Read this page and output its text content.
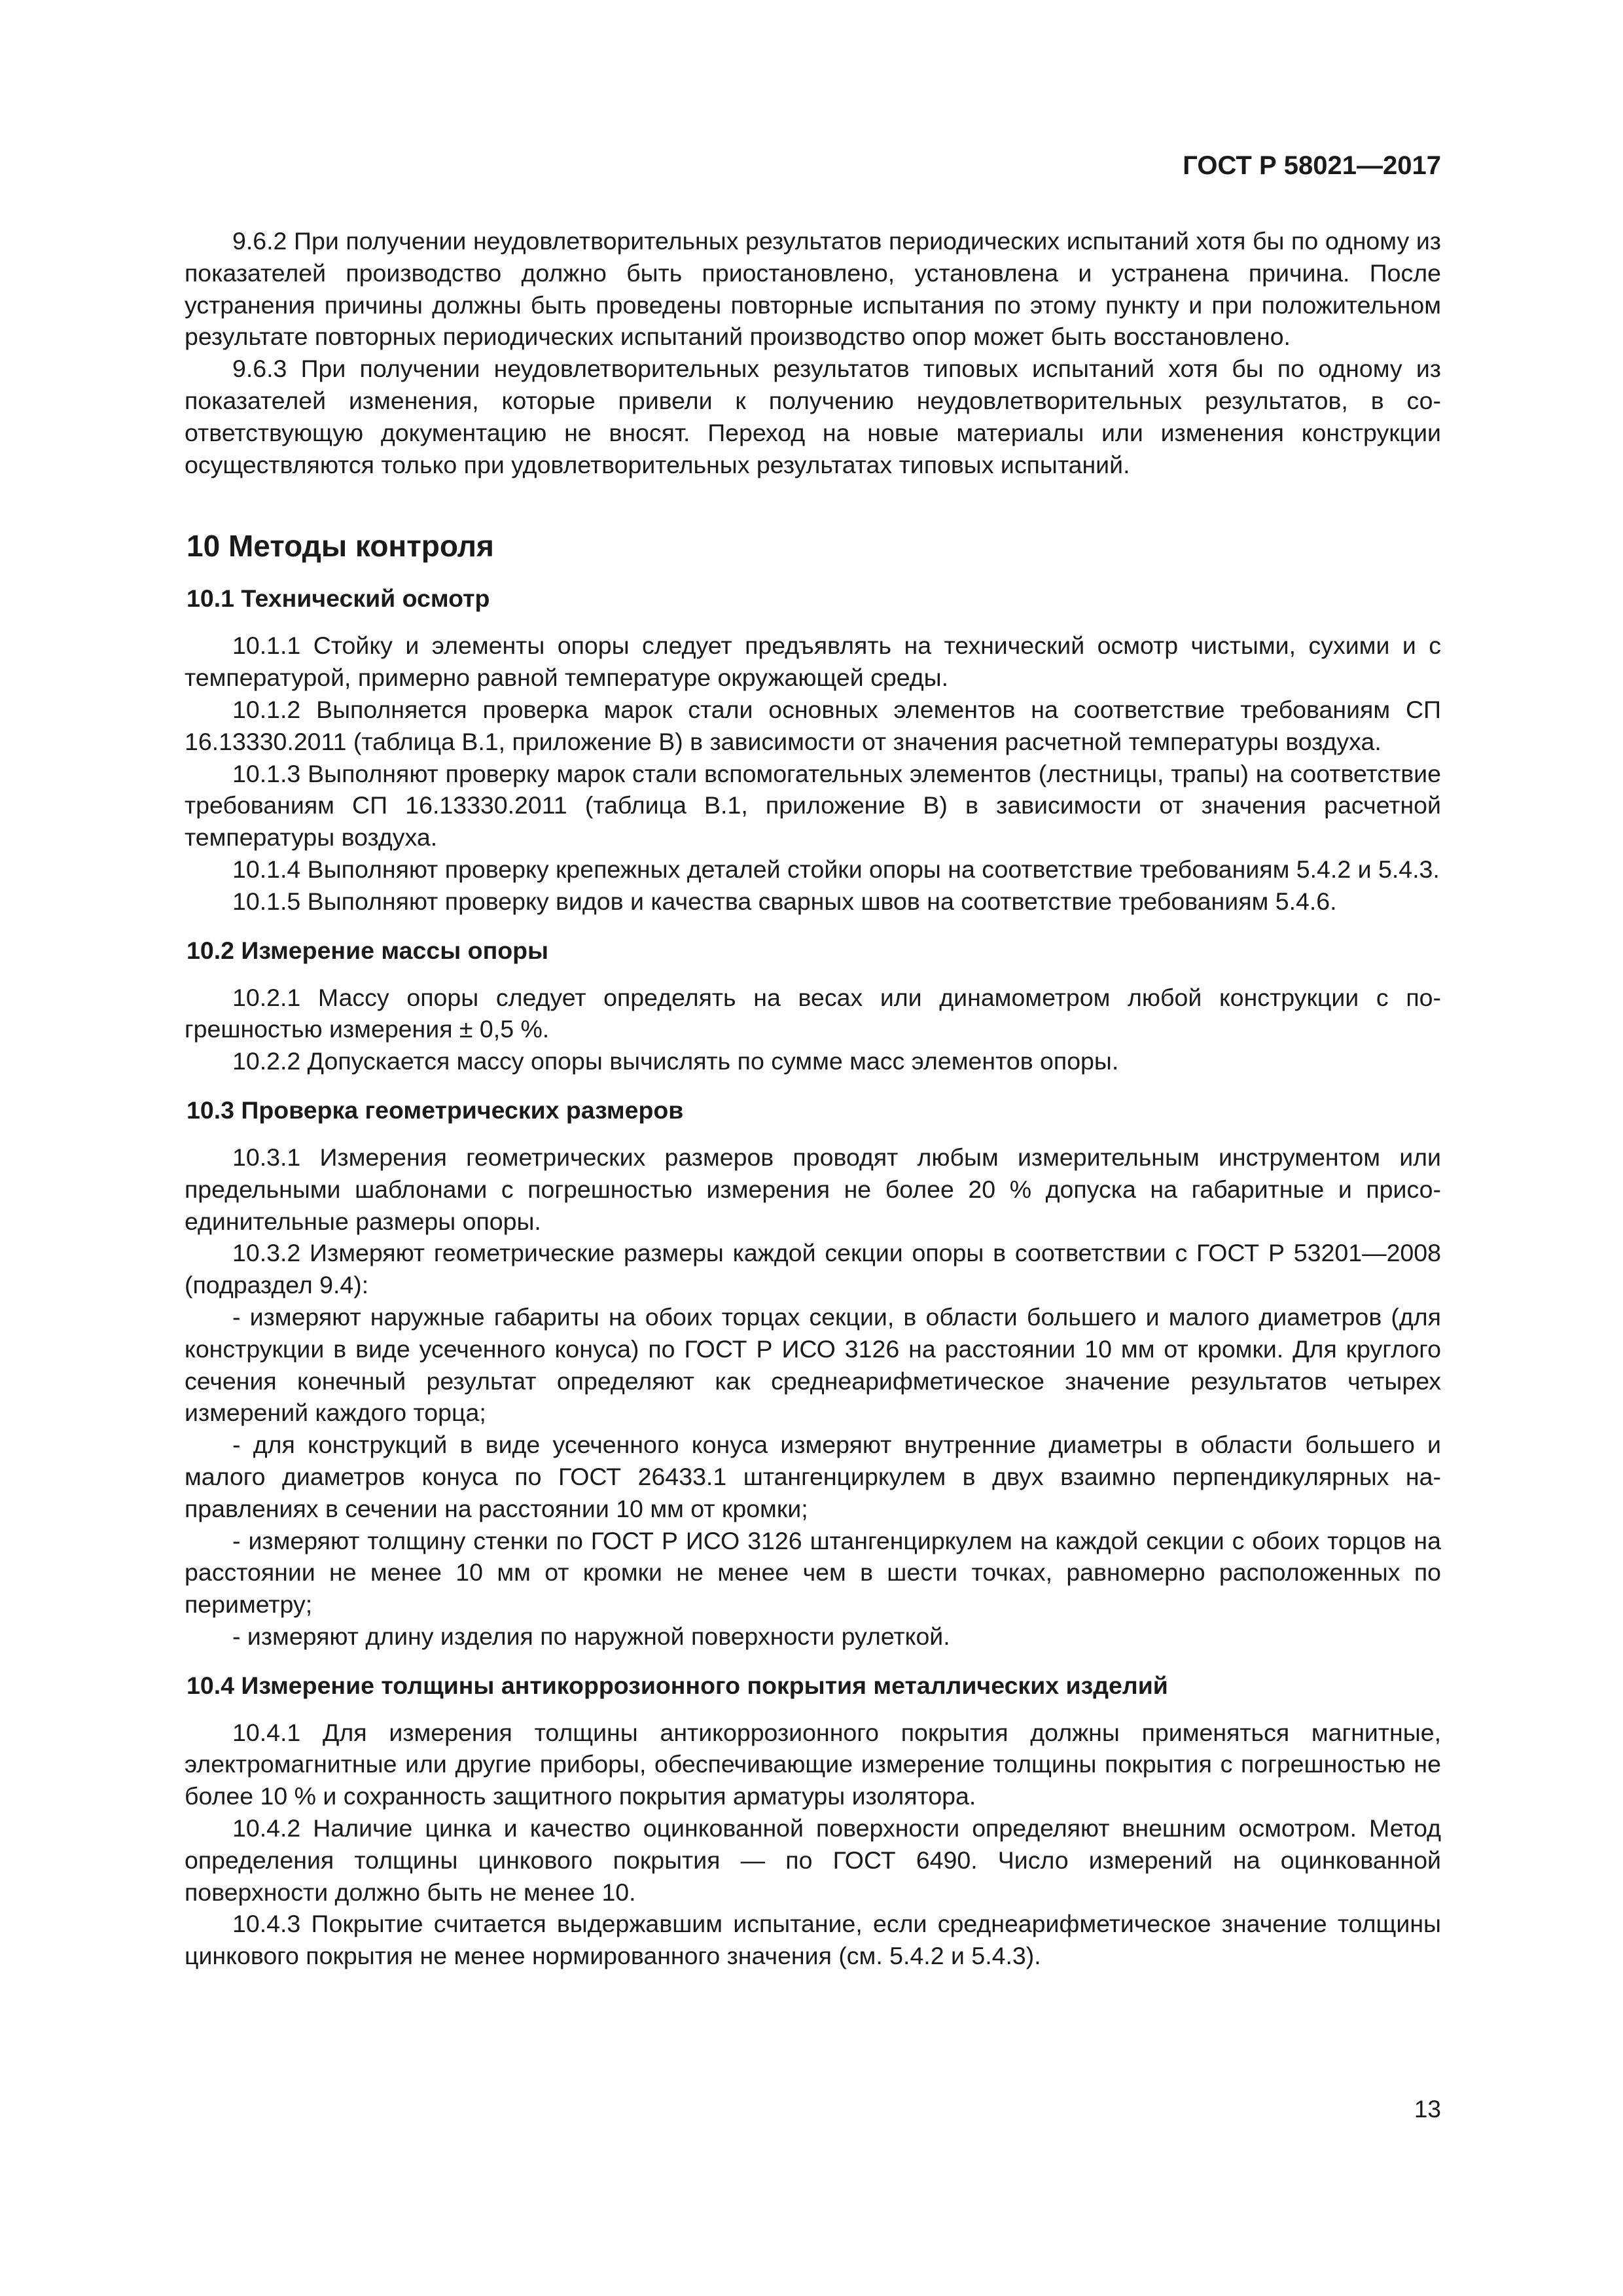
ГОСТ Р 58021—2017

9.6.2 При получении неудовлетворительных результатов периодических испытаний хотя бы по одному из показателей производство должно быть приостановлено, установлена и устранена причина. После устранения причины должны быть проведены повторные испытания по этому пункту и при положительном результате повторных периодических испытаний производство опор может быть восстановлено.

9.6.3 При получении неудовлетворительных результатов типовых испытаний хотя бы по одному из показателей изменения, которые привели к получению неудовлетворительных результатов, в соответствующую документацию не вносят. Переход на новые материалы или изменения конструкции осуществляются только при удовлетворительных результатах типовых испытаний.

10 Методы контроля
10.1 Технический осмотр

10.1.1 Стойку и элементы опоры следует предъявлять на технический осмотр чистыми, сухими и с температурой, примерно равной температуре окружающей среды.

10.1.2 Выполняется проверка марок стали основных элементов на соответствие требованиям СП 16.13330.2011 (таблица В.1, приложение В) в зависимости от значения расчетной температуры воздуха.

10.1.3 Выполняют проверку марок стали вспомогательных элементов (лестницы, трапы) на соответствие требованиям СП 16.13330.2011 (таблица В.1, приложение В) в зависимости от значения расчетной температуры воздуха.

10.1.4 Выполняют проверку крепежных деталей стойки опоры на соответствие требованиям 5.4.2 и 5.4.3.

10.1.5 Выполняют проверку видов и качества сварных швов на соответствие требованиям 5.4.6.

10.2 Измерение массы опоры

10.2.1 Массу опоры следует определять на весах или динамометром любой конструкции с погрешностью измерения ± 0,5 %.

10.2.2 Допускается массу опоры вычислять по сумме масс элементов опоры.

10.3 Проверка геометрических размеров

10.3.1 Измерения геометрических размеров проводят любым измерительным инструментом или предельными шаблонами с погрешностью измерения не более 20 % допуска на габаритные и присоединительные размеры опоры.

10.3.2 Измеряют геометрические размеры каждой секции опоры в соответствии с ГОСТ Р 53201—2008 (подраздел 9.4):

- измеряют наружные габариты на обоих торцах секции, в области большего и малого диаметров (для конструкции в виде усеченного конуса) по ГОСТ Р ИСО 3126 на расстоянии 10 мм от кромки. Для круглого сечения конечный результат определяют как среднеарифметическое значение результатов четырех измерений каждого торца;

- для конструкций в виде усеченного конуса измеряют внутренние диаметры в области большего и малого диаметров конуса по ГОСТ 26433.1 штангенциркулем в двух взаимно перпендикулярных направлениях в сечении на расстоянии 10 мм от кромки;

- измеряют толщину стенки по ГОСТ Р ИСО 3126 штангенциркулем на каждой секции с обоих торцов на расстоянии не менее 10 мм от кромки не менее чем в шести точках, равномерно расположенных по периметру;

- измеряют длину изделия по наружной поверхности рулеткой.

10.4 Измерение толщины антикоррозионного покрытия металлических изделий

10.4.1 Для измерения толщины антикоррозионного покрытия должны применяться магнитные, электромагнитные или другие приборы, обеспечивающие измерение толщины покрытия с погрешностью не более 10 % и сохранность защитного покрытия арматуры изолятора.

10.4.2 Наличие цинка и качество оцинкованной поверхности определяют внешним осмотром. Метод определения толщины цинкового покрытия — по ГОСТ 6490. Число измерений на оцинкованной поверхности должно быть не менее 10.

10.4.3 Покрытие считается выдержавшим испытание, если среднеарифметическое значение толщины цинкового покрытия не менее нормированного значения (см. 5.4.2 и 5.4.3).

13
